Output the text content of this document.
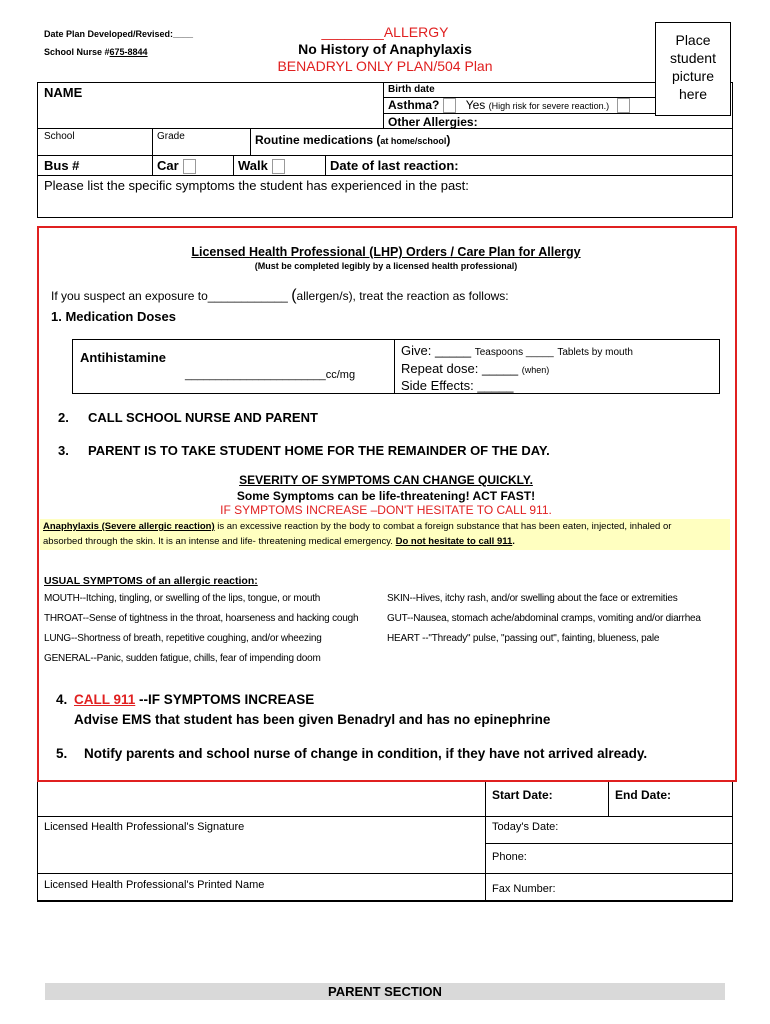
Date Plan Developed/Revised:____
School Nurse #675-8844
________ALLERGY
No History of Anaphylaxis
BENADRYL ONLY PLAN/504 Plan
Place
student
picture
here
NAME	Birth date
Asthma? Yes (High risk for severe reaction.)
Other Allergies:
School	Grade	Routine medications (at home/school)
Bus #	Car	Walk	Date of last reaction:
Please list the specific symptoms the student has experienced in the past:
Licensed Health Professional (LHP) Orders / Care Plan for Allergy
(Must be completed legibly by a licensed health professional)
If you suspect an exposure to____________ (allergen/s), treat the reaction as follows:
1. Medication Doses
Antihistamine
_______________________cc/mg
Give: _____ Teaspoons _____ Tablets by mouth
Repeat dose: _____ (when)
Side Effects: _____
2. CALL SCHOOL NURSE AND PARENT
3. PARENT IS TO TAKE STUDENT HOME FOR THE REMAINDER OF THE DAY.
SEVERITY OF SYMPTOMS CAN CHANGE QUICKLY.
Some Symptoms can be life-threatening! ACT FAST!
IF SYMPTOMS INCREASE –DON'T HESITATE TO CALL 911.
Anaphylaxis (Severe allergic reaction) is an excessive reaction by the body to combat a foreign substance that has been eaten, injected, inhaled or
absorbed through the skin. It is an intense and life- threatening medical emergency. Do not hesitate to call 911.
USUAL SYMPTOMS of an allergic reaction:
MOUTH--Itching, tingling, or swelling of the lips, tongue, or mouth
THROAT--Sense of tightness in the throat, hoarseness and hacking cough
LUNG--Shortness of breath, repetitive coughing, and/or wheezing
GENERAL--Panic, sudden fatigue, chills, fear of impending doom
SKIN--Hives, itchy rash, and/or swelling about the face or extremities
GUT--Nausea, stomach ache/abdominal cramps, vomiting and/or diarrhea
HEART --"Thready" pulse, "passing out", fainting, blueness, pale
4. CALL 911 --IF SYMPTOMS INCREASE
Advise EMS that student has been given Benadryl and has no epinephrine
5. Notify parents and school nurse of change in condition, if they have not arrived already.
Start Date:	End Date:
Licensed Health Professional's Signature	Today's Date:
Phone:
Licensed Health Professional's Printed Name	Fax Number:
PARENT SECTION
